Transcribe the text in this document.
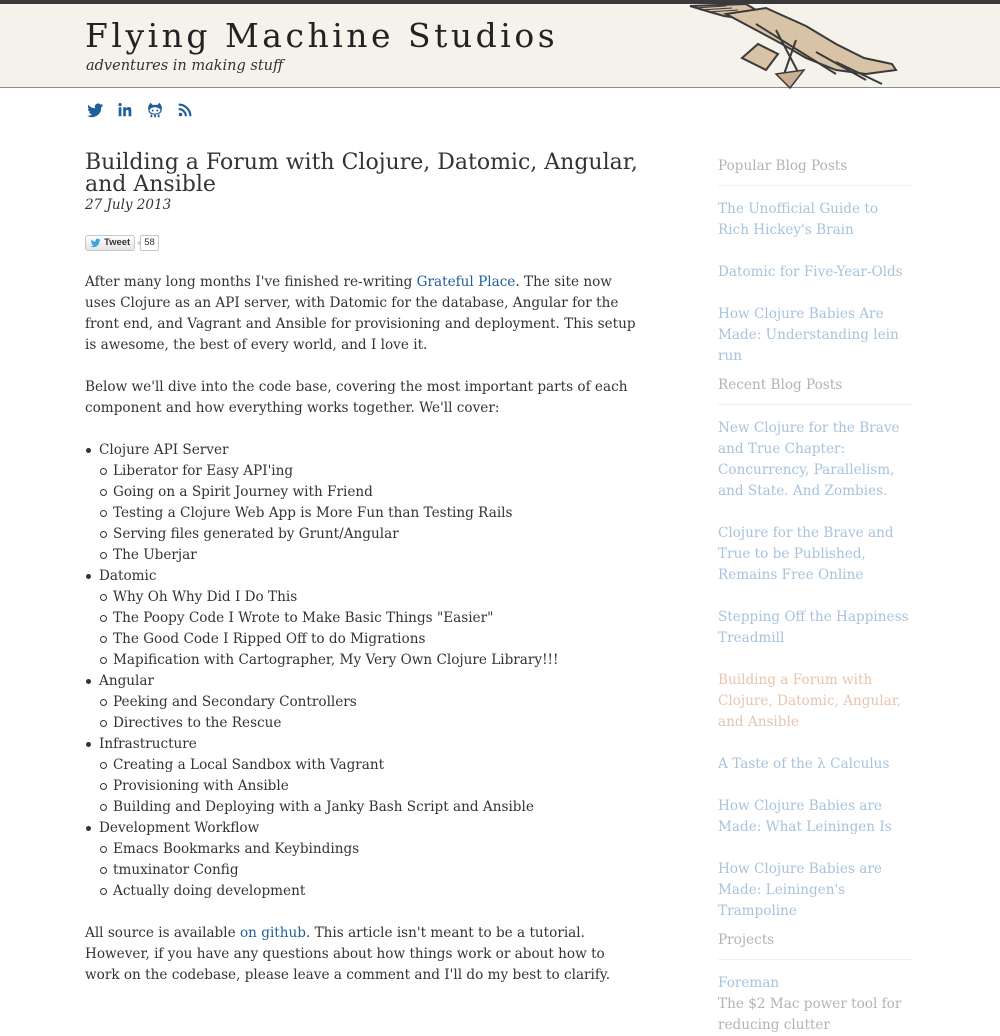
Flying Machine Studios
adventures in making stuff
Building a Forum with Clojure, Datomic, Angular, and Ansible
27 July 2013
Tweet	58

After many long months I've finished re-writing Grateful Place. The site now uses Clojure as an API server, with Datomic for the database, Angular for the front end, and Vagrant and Ansible for provisioning and deployment. This setup is awesome, the best of every world, and I love it.

Below we'll dive into the code base, covering the most important parts of each component and how everything works together. We'll cover:

Clojure API Server
Liberator for Easy API'ing
Going on a Spirit Journey with Friend
Testing a Clojure Web App is More Fun than Testing Rails
Serving files generated by Grunt/Angular
The Uberjar
Datomic
Why Oh Why Did I Do This
The Poopy Code I Wrote to Make Basic Things "Easier"
The Good Code I Ripped Off to do Migrations
Mapification with Cartographer, My Very Own Clojure Library!!!
Angular
Peeking and Secondary Controllers
Directives to the Rescue
Infrastructure
Creating a Local Sandbox with Vagrant
Provisioning with Ansible
Building and Deploying with a Janky Bash Script and Ansible
Development Workflow
Emacs Bookmarks and Keybindings
tmuxinator Config
Actually doing development

All source is available on github. This article isn't meant to be a tutorial. However, if you have any questions about how things work or about how to work on the codebase, please leave a comment and I'll do my best to clarify.

Popular Blog Posts
The Unofficial Guide to Rich Hickey's Brain
Datomic for Five-Year-Olds
How Clojure Babies Are Made: Understanding lein run
Recent Blog Posts
New Clojure for the Brave and True Chapter: Concurrency, Parallelism, and State. And Zombies.
Clojure for the Brave and True to be Published, Remains Free Online
Stepping Off the Happiness Treadmill
Building a Forum with Clojure, Datomic, Angular, and Ansible
A Taste of the λ Calculus
How Clojure Babies are Made: What Leiningen Is
How Clojure Babies are Made: Leiningen's Trampoline
Projects
Foreman
The $2 Mac power tool for reducing clutter
